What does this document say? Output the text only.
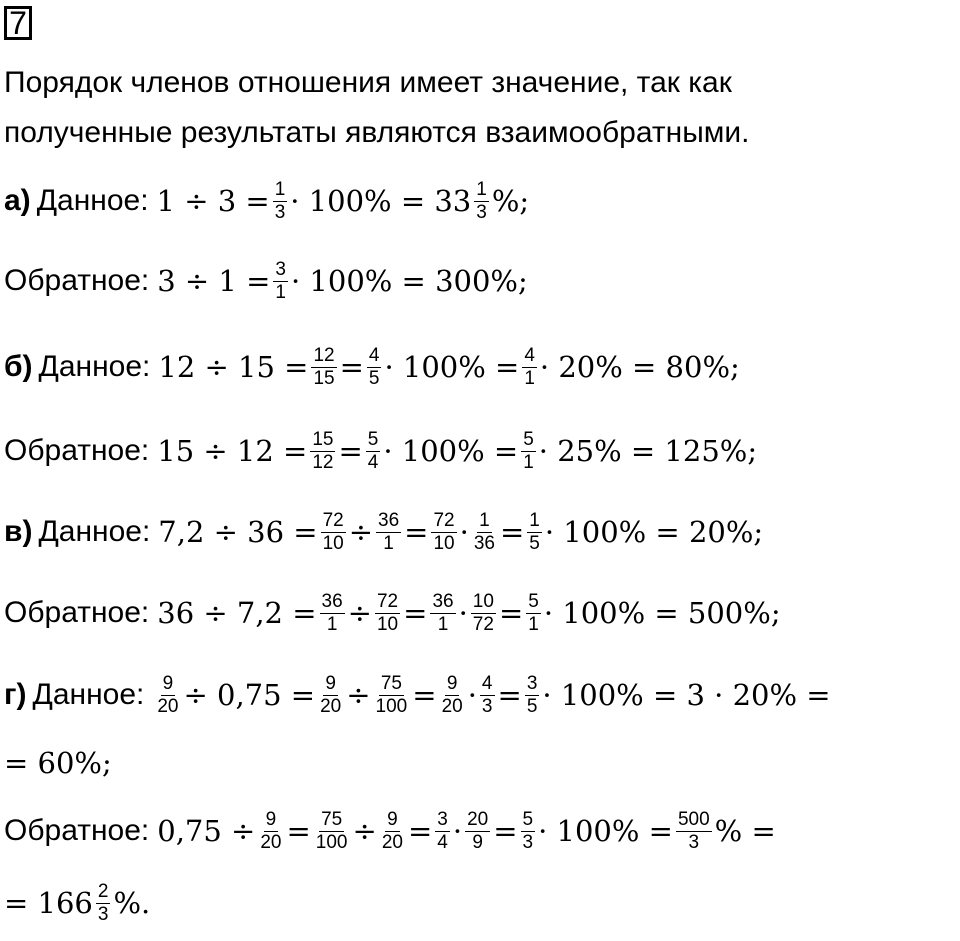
7
Порядок членов отношения имеет значение, так как
полученные результаты являются взаимообратными.
а) Данное: $1 \div 3 = \frac{1}{3} \cdot 100\% = 33 \frac{1}{3}$ %;
Обратное: $3 \div 1 = \frac{3}{1} \cdot 100\% = 300\%$;
б) Данное: $12 \div 15 = \frac{12}{15} = \frac{4}{5} \cdot 100\% = \frac{4}{1} \cdot 20\% = 80\%$;
Обратное: $15 \div 12 = \frac{15}{12} = \frac{5}{4} \cdot 100\% = \frac{5}{1} \cdot 25\% = 125\%$;
в) Данное: $7,2 \div 36 = \frac{72}{10} \div \frac{36}{1} = \frac{72}{10} \cdot \frac{1}{36} = \frac{1}{5} \cdot 100\% = 20\%$;
Обратное: $36 \div 7,2 = \frac{36}{1} \div \frac{72}{10} = \frac{36}{1} \cdot \frac{10}{72} = \frac{5}{1} \cdot 100\% = 500\%$;
г) Данное: $\frac{9}{20} \div 0,75 = \frac{9}{20} \div \frac{75}{100} = \frac{9}{20} \cdot \frac{4}{3} = \frac{3}{5} \cdot 100\% = 3 \cdot 20\%$ =
= 60%;
Обратное: $0,75 \div \frac{9}{20} = \frac{75}{100} \div \frac{9}{20} = \frac{3}{4} \cdot \frac{20}{9} = \frac{5}{3} \cdot 100\% = \frac{500}{3}$ % =
= $166 \frac{2}{3}$ %.
